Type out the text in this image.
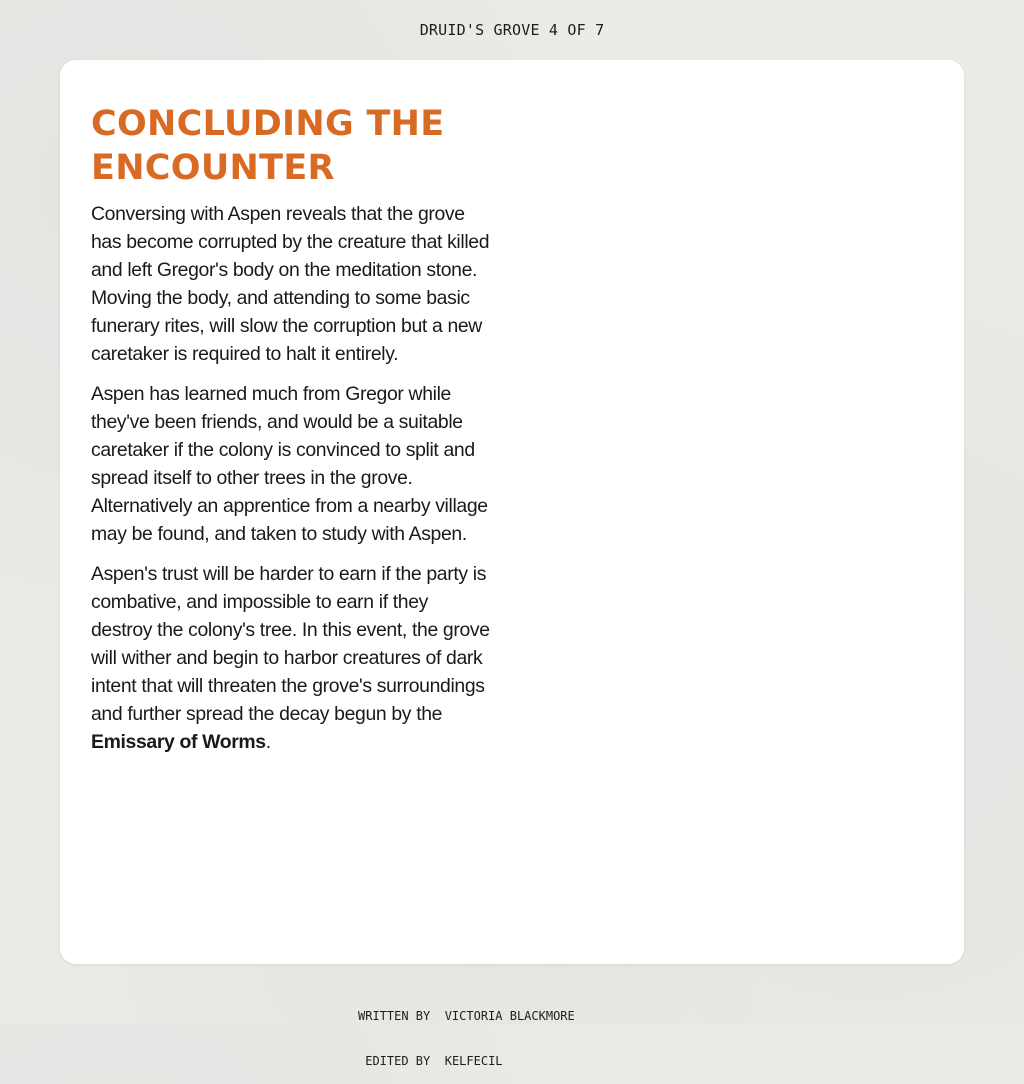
DRUID'S GROVE 4 OF 7
CONCLUDING THE ENCOUNTER

Conversing with Aspen reveals that the grove has become corrupted by the creature that killed and left Gregor's body on the meditation stone. Moving the body, and attending to some basic funerary rites, will slow the corruption but a new caretaker is required to halt it entirely.

Aspen has learned much from Gregor while they've been friends, and would be a suitable caretaker if the colony is convinced to split and spread itself to other trees in the grove. Alternatively an apprentice from a nearby village may be found, and taken to study with Aspen.

Aspen's trust will be harder to earn if the party is combative, and impossible to earn if they destroy the colony's tree. In this event, the grove will wither and begin to harbor creatures of dark intent that will threaten the grove's surroundings and further spread the decay begun by the Emissary of Worms.

WRITTEN BY VICTORIA BLACKMORE

EDITED BY KELFECIL
